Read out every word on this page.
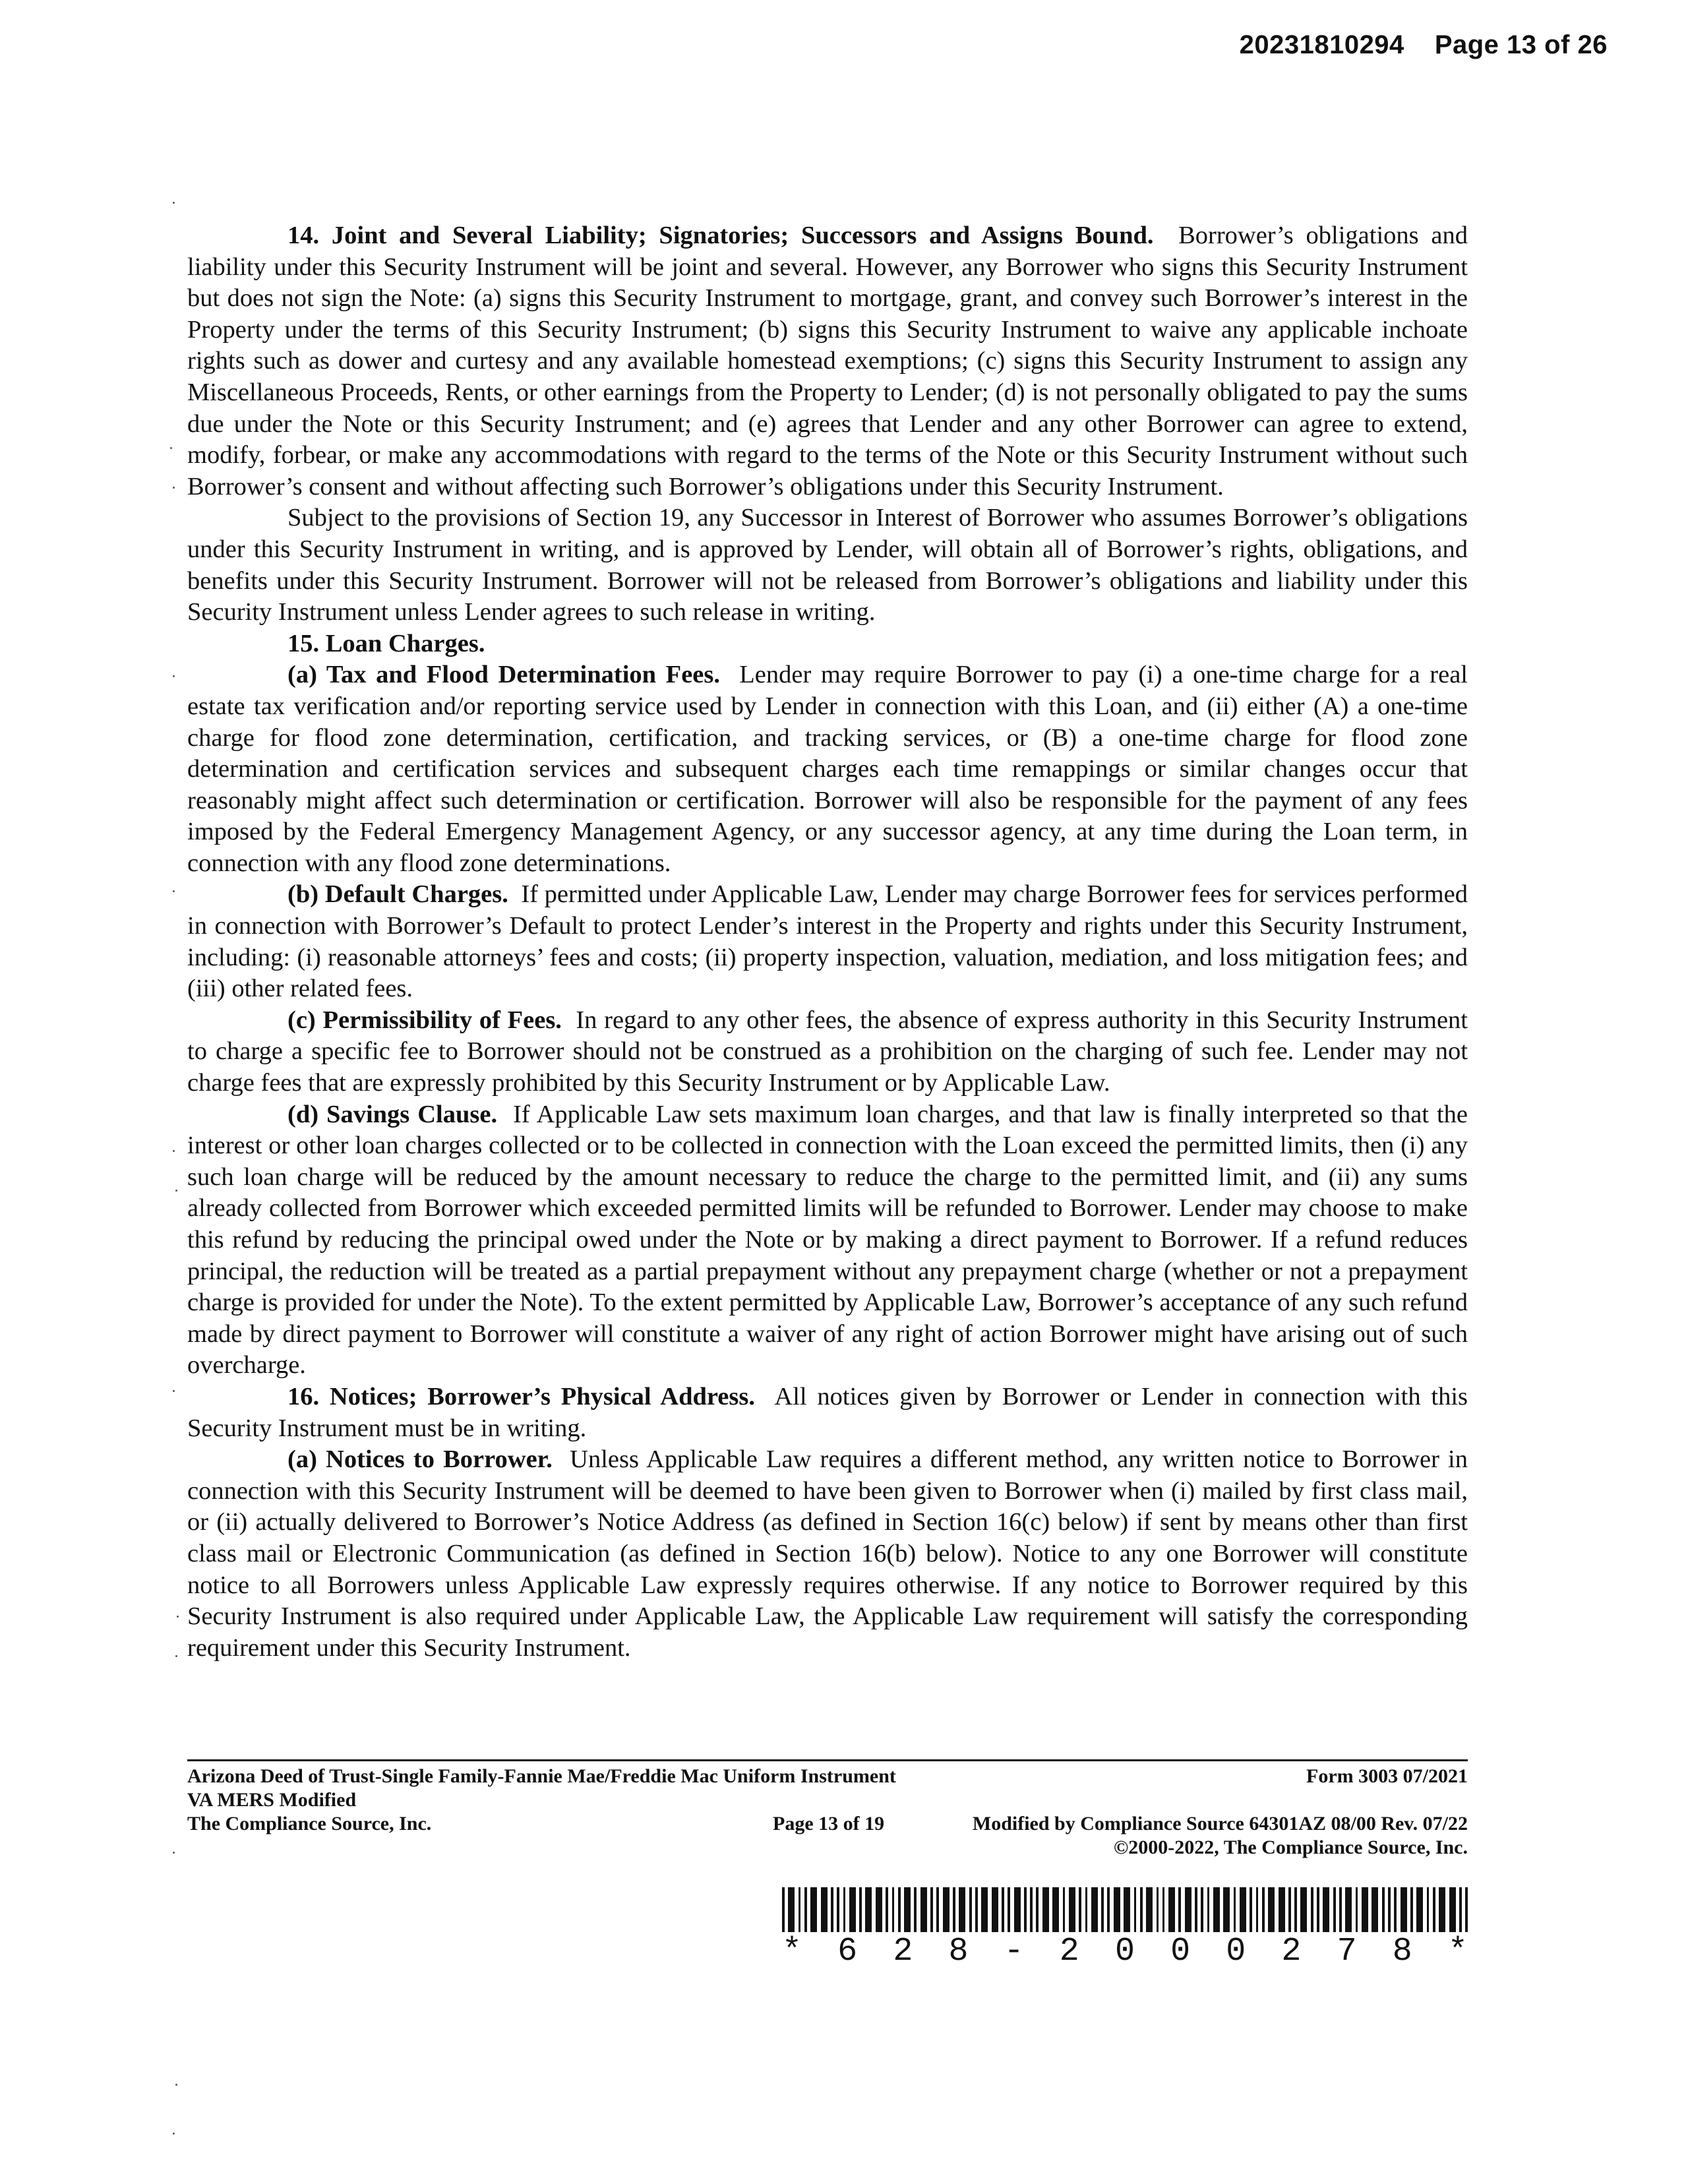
20231810294 Page 13 of 26

14. Joint and Several Liability; Signatories; Successors and Assigns Bound. Borrower’s obligations and liability under this Security Instrument will be joint and several. However, any Borrower who signs this Security Instrument but does not sign the Note: (a) signs this Security Instrument to mortgage, grant, and convey such Borrower’s interest in the Property under the terms of this Security Instrument; (b) signs this Security Instrument to waive any applicable inchoate rights such as dower and curtesy and any available homestead exemptions; (c) signs this Security Instrument to assign any Miscellaneous Proceeds, Rents, or other earnings from the Property to Lender; (d) is not personally obligated to pay the sums due under the Note or this Security Instrument; and (e) agrees that Lender and any other Borrower can agree to extend, modify, forbear, or make any accommodations with regard to the terms of the Note or this Security Instrument without such Borrower’s consent and without affecting such Borrower’s obligations under this Security Instrument.

Subject to the provisions of Section 19, any Successor in Interest of Borrower who assumes Borrower’s obligations under this Security Instrument in writing, and is approved by Lender, will obtain all of Borrower’s rights, obligations, and benefits under this Security Instrument. Borrower will not be released from Borrower’s obligations and liability under this Security Instrument unless Lender agrees to such release in writing.

15. Loan Charges.

(a) Tax and Flood Determination Fees. Lender may require Borrower to pay (i) a one-time charge for a real estate tax verification and/or reporting service used by Lender in connection with this Loan, and (ii) either (A) a one-time charge for flood zone determination, certification, and tracking services, or (B) a one-time charge for flood zone determination and certification services and subsequent charges each time remappings or similar changes occur that reasonably might affect such determination or certification. Borrower will also be responsible for the payment of any fees imposed by the Federal Emergency Management Agency, or any successor agency, at any time during the Loan term, in connection with any flood zone determinations.

(b) Default Charges. If permitted under Applicable Law, Lender may charge Borrower fees for services performed in connection with Borrower’s Default to protect Lender’s interest in the Property and rights under this Security Instrument, including: (i) reasonable attorneys’ fees and costs; (ii) property inspection, valuation, mediation, and loss mitigation fees; and (iii) other related fees.

(c) Permissibility of Fees. In regard to any other fees, the absence of express authority in this Security Instrument to charge a specific fee to Borrower should not be construed as a prohibition on the charging of such fee. Lender may not charge fees that are expressly prohibited by this Security Instrument or by Applicable Law.

(d) Savings Clause. If Applicable Law sets maximum loan charges, and that law is finally interpreted so that the interest or other loan charges collected or to be collected in connection with the Loan exceed the permitted limits, then (i) any such loan charge will be reduced by the amount necessary to reduce the charge to the permitted limit, and (ii) any sums already collected from Borrower which exceeded permitted limits will be refunded to Borrower. Lender may choose to make this refund by reducing the principal owed under the Note or by making a direct payment to Borrower. If a refund reduces principal, the reduction will be treated as a partial prepayment without any prepayment charge (whether or not a prepayment charge is provided for under the Note). To the extent permitted by Applicable Law, Borrower’s acceptance of any such refund made by direct payment to Borrower will constitute a waiver of any right of action Borrower might have arising out of such overcharge.

16. Notices; Borrower’s Physical Address. All notices given by Borrower or Lender in connection with this Security Instrument must be in writing.

(a) Notices to Borrower. Unless Applicable Law requires a different method, any written notice to Borrower in connection with this Security Instrument will be deemed to have been given to Borrower when (i) mailed by first class mail, or (ii) actually delivered to Borrower’s Notice Address (as defined in Section 16(c) below) if sent by means other than first class mail or Electronic Communication (as defined in Section 16(b) below). Notice to any one Borrower will constitute notice to all Borrowers unless Applicable Law expressly requires otherwise. If any notice to Borrower required by this Security Instrument is also required under Applicable Law, the Applicable Law requirement will satisfy the corresponding requirement under this Security Instrument.

Arizona Deed of Trust-Single Family-Fannie Mae/Freddie Mac Uniform Instrument
VA MERS Modified
The Compliance Source, Inc.
Form 3003 07/2021
Page 13 of 19	Modified by Compliance Source 64301AZ 08/00 Rev. 07/22
©2000-2022, The Compliance Source, Inc.
* 6 2 8 - 2 0 0 0 2 7 8 *
